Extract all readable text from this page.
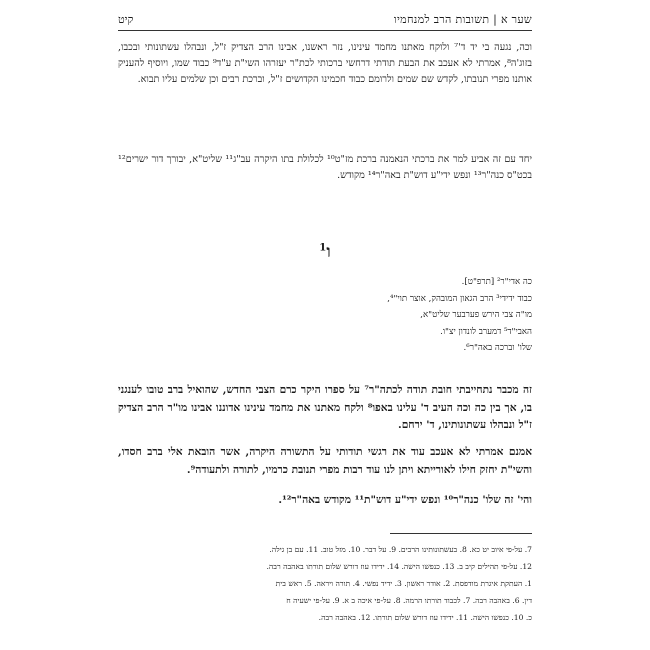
שער א | תשובות הרב למנחמיו
קיט

וכה, נגעה בי יד ד'⁷ ולוקח מאתנו מחמד עינינו, נזר ראשנו, אבינו הרב הצדיק ז"ל, ונבהלו עשתונותי ובכבו, בזוג'ה⁸, אמרתי לא אעכב את הבעת תודתי דרחשי ברכותי לכת"ר יעזרהו השי"ת ע"ד⁹ כבוד שמו, ויוסיף להעניק אותנו מפרי תנובתו, לקדש שם שמים ולרומם כבוד חכמינו הקדושים ז"ל, וברכת רבים וכן שלמים עליו תבוא.

יחד עם זה אביע למר את ברכתי הנאמנה ברכת מז"ט¹⁰ לכלולת בתו היקרה עב"ג¹¹ שליט"א, יבורך דור ישרים¹² בכט"ס כנה"ר¹³ ונפש ידי"ע דוש"ת באה"ר¹⁴ מקודש.

ו$^1$
כה אדי"ר² [תרפ"ט].
כבוד ידידי³ הרב הגאון המובהק, אוצר תוי"⁴,
מו"ה צבי הירש פערבער שליט"א,
האבי"ד⁵ דמערב לונדון יצ"ו.
שלו' וברכה באה"ר⁶.

זה מכבר נתחייבתי חובת תודה לכתה"ר⁷ על ספרו היקר כרם הצבי החדש, שהואיל ברב טובו לענגני בו, אך בין כה וכה העיב ד' עלינו באפו⁸ ולקח מאתנו את מחמד עינינו אדוננו אבינו מו"ר הרב הצדיק ז"ל ונבהלו עשתונותינו, ד' ירחם.

אמנם אמרתי לא אעכב עוד את רגשי תודותי על התשורה היקרה, אשר הובאת אלי ברב חסדו, והשי"ת יחזק חילו לאורייתא ויתן לנו עוד רבות מפרי תנובת כרמיו, לתורה ולתעודה⁹.

והי' זה שלו' כנה"ר¹⁰ ונפש ידי"ע דוש"ת¹¹ מקודש באה"ר¹².

7. על-פי איוב יט כא. 8. בעשתונותינו הרבים. 9. על דבר. 10. מזל טוב. 11. עם בן גילה.
12. על-פי תהילים קיב ב. 13. כנפשו הישה. 14. ידידו עוז דורש שלום תורתו באהבה רבה.
1. העתקת איגרת מודפסת. 2. אודר ראשון. 3. ידיד נפשי. 4. תורה ויראה. 5. ראש בית
דין. 6. באהבה רבה. 7. לכבוד תורתו הרמה. 8. על-פי איכה ב א. 9. על-פי ישעיה ח
כ. 10. כנפשו הישה. 11. ידידו עוז דורש שלום תורתו. 12. באהבה רבה.
